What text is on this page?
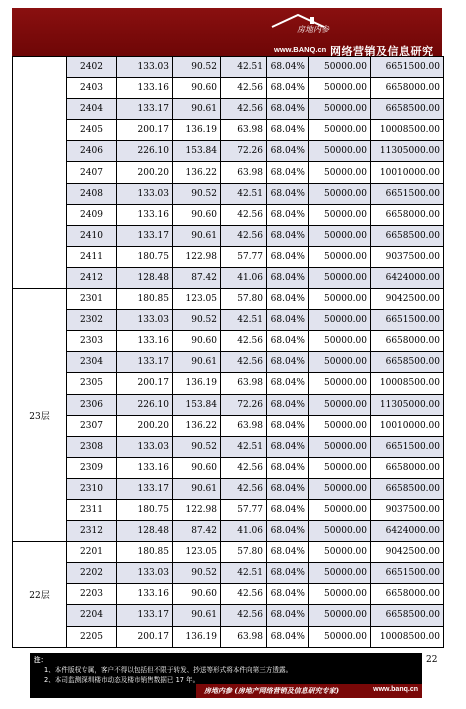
房地内参
www.BANQ.cn 网络营销及信息研究
	2402	133.03	90.52	42.51	68.04%	50000.00	6651500.00
	2403	133.16	90.60	42.56	68.04%	50000.00	6658000.00
	2404	133.17	90.61	42.56	68.04%	50000.00	6658500.00
	2405	200.17	136.19	63.98	68.04%	50000.00	10008500.00
	2406	226.10	153.84	72.26	68.04%	50000.00	11305000.00
	2407	200.20	136.22	63.98	68.04%	50000.00	10010000.00
	2408	133.03	90.52	42.51	68.04%	50000.00	6651500.00
	2409	133.16	90.60	42.56	68.04%	50000.00	6658000.00
	2410	133.17	90.61	42.56	68.04%	50000.00	6658500.00
	2411	180.75	122.98	57.77	68.04%	50000.00	9037500.00
	2412	128.48	87.42	41.06	68.04%	50000.00	6424000.00
23层	2301	180.85	123.05	57.80	68.04%	50000.00	9042500.00
	2302	133.03	90.52	42.51	68.04%	50000.00	6651500.00
	2303	133.16	90.60	42.56	68.04%	50000.00	6658000.00
	2304	133.17	90.61	42.56	68.04%	50000.00	6658500.00
	2305	200.17	136.19	63.98	68.04%	50000.00	10008500.00
	2306	226.10	153.84	72.26	68.04%	50000.00	11305000.00
	2307	200.20	136.22	63.98	68.04%	50000.00	10010000.00
	2308	133.03	90.52	42.51	68.04%	50000.00	6651500.00
	2309	133.16	90.60	42.56	68.04%	50000.00	6658000.00
	2310	133.17	90.61	42.56	68.04%	50000.00	6658500.00
	2311	180.75	122.98	57.77	68.04%	50000.00	9037500.00
	2312	128.48	87.42	41.06	68.04%	50000.00	6424000.00
22层	2201	180.85	123.05	57.80	68.04%	50000.00	9042500.00
	2202	133.03	90.52	42.51	68.04%	50000.00	6651500.00
	2203	133.16	90.60	42.56	68.04%	50000.00	6658000.00
	2204	133.17	90.61	42.56	68.04%	50000.00	6658500.00
	2205	200.17	136.19	63.98	68.04%	50000.00	10008500.00
注：
1、本件版权专属，客户不得以包括但不限于转发、抄送等形式将本件向第三方透露。
2、本司监测深圳楼市动态及楼市销售数据已 17 年。
22
房地内参 (房地产网络营销及信息研究专家)	www.banq.cn
